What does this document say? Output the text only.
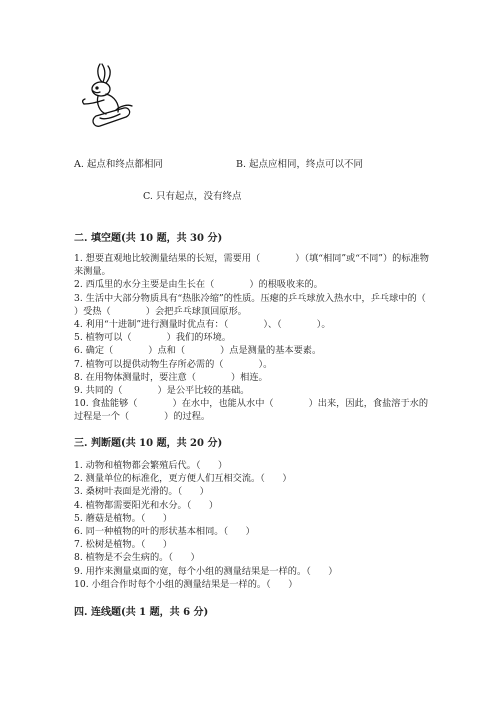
A. 起点和终点都相同	B. 起点应相同，终点可以不同
C. 只有起点，没有终点
二. 填空题(共 10 题，共 30 分)

1. 想要直观地比较测量结果的长短，需要用（            ）（填“相同”或“不同”）的标准物来测量。

2. 西瓜里的水分主要是由生长在（            ）的根吸收来的。

3. 生活中大部分物质具有“热胀冷缩”的性质。压瘪的乒乓球放入热水中，乒乓球中的（            ）受热（            ）会把乒乓球顶回原形。

4. 利用“十进制”进行测量时优点有：（            ）、（            ）。

5. 植物可以（            ）我们的环境。

6. 确定（            ）点和（            ）点是测量的基本要素。

7. 植物可以提供动物生存所必需的（            ）。

8. 在用物体测量时，要注意（            ）相连。

9. 共同的（            ）是公平比较的基础。

10. 食盐能够（            ）在水中，也能从水中（            ）出来，因此，食盐溶于水的过程是一个（            ）的过程。

三. 判断题(共 10 题，共 20 分)

1. 动物和植物都会繁殖后代。（      ）

2. 测量单位的标准化，更方便人们互相交流。（      ）

3. 桑树叶表面是光滑的。（      ）

4. 植物都需要阳光和水分。（      ）

5. 蘑菇是植物。（      ）

6. 同一种植物的叶的形状基本相同。（      ）

7. 松树是植物。（      ）

8. 植物是不会生病的。（      ）

9. 用拃来测量桌面的宽，每个小组的测量结果是一样的。（      ）

10. 小组合作时每个小组的测量结果是一样的。（      ）

四. 连线题(共 1 题，共 6 分)
